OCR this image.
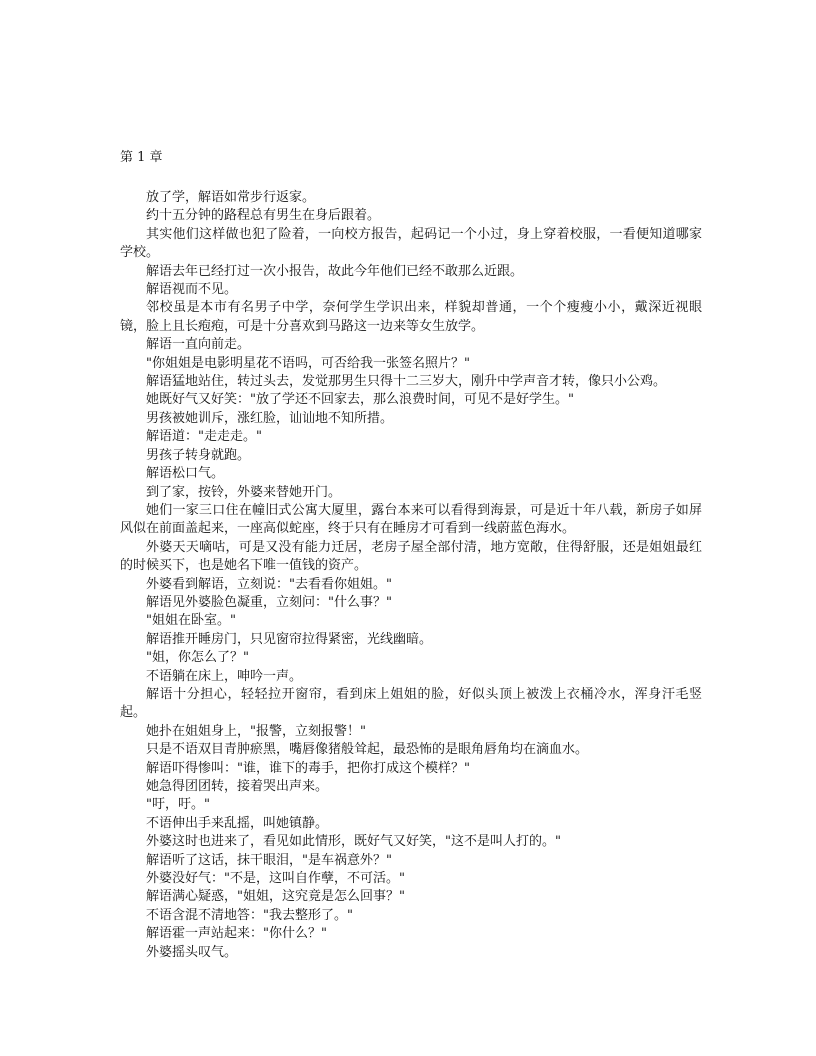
第 1 章

放了学，解语如常步行返家。

约十五分钟的路程总有男生在身后跟着。

其实他们这样做也犯了险着，一向校方报告，起码记一个小过，身上穿着校服，一看便知道哪家学校。

解语去年已经打过一次小报告，故此今年他们已经不敢那么近跟。

解语视而不见。

邻校虽是本市有名男子中学，奈何学生学识出来，样貌却普通，一个个瘦瘦小小，戴深近视眼镜，脸上且长疱疱，可是十分喜欢到马路这一边来等女生放学。

解语一直向前走。

"你姐姐是电影明星花不语吗，可否给我一张签名照片？"

解语猛地站住，转过头去，发觉那男生只得十二三岁大，刚升中学声音才转，像只小公鸡。

她既好气又好笑："放了学还不回家去，那么浪费时间，可见不是好学生。"

男孩被她训斥，涨红脸，讪讪地不知所措。

解语道："走走走。"

男孩子转身就跑。

解语松口气。

到了家，按铃，外婆来替她开门。

她们一家三口住在幢旧式公寓大厦里，露台本来可以看得到海景，可是近十年八载，新房子如屏风似在前面盖起来，一座高似蛇座，终于只有在睡房才可看到一线蔚蓝色海水。

外婆天天嘀咕，可是又没有能力迁居，老房子屋全部付清，地方宽敞，住得舒服，还是姐姐最红的时候买下，也是她名下唯一值钱的资产。

外婆看到解语，立刻说："去看看你姐姐。"

解语见外婆脸色凝重，立刻问："什么事？"

"姐姐在卧室。"

解语推开睡房门，只见窗帘拉得紧密，光线幽暗。

"姐，你怎么了？"

不语躺在床上，呻吟一声。

解语十分担心，轻轻拉开窗帘，看到床上姐姐的脸，好似头顶上被泼上衣桶冷水，浑身汗毛竖起。

她扑在姐姐身上，"报警，立刻报警！"

只是不语双目青肿瘀黑，嘴唇像猪般耸起，最恐怖的是眼角唇角均在滴血水。

解语吓得惨叫："谁，谁下的毒手，把你打成这个模样？"

她急得团团转，接着哭出声来。

"吁，吁。"

不语伸出手来乱摇，叫她镇静。

外婆这时也进来了，看见如此情形，既好气又好笑，"这不是叫人打的。"

解语听了这话，抹干眼泪，"是车祸意外？"

外婆没好气："不是，这叫自作孽，不可活。"

解语满心疑惑，"姐姐，这究竟是怎么回事？"

不语含混不清地答："我去整形了。"

解语霍一声站起来："你什么？"

外婆摇头叹气。
